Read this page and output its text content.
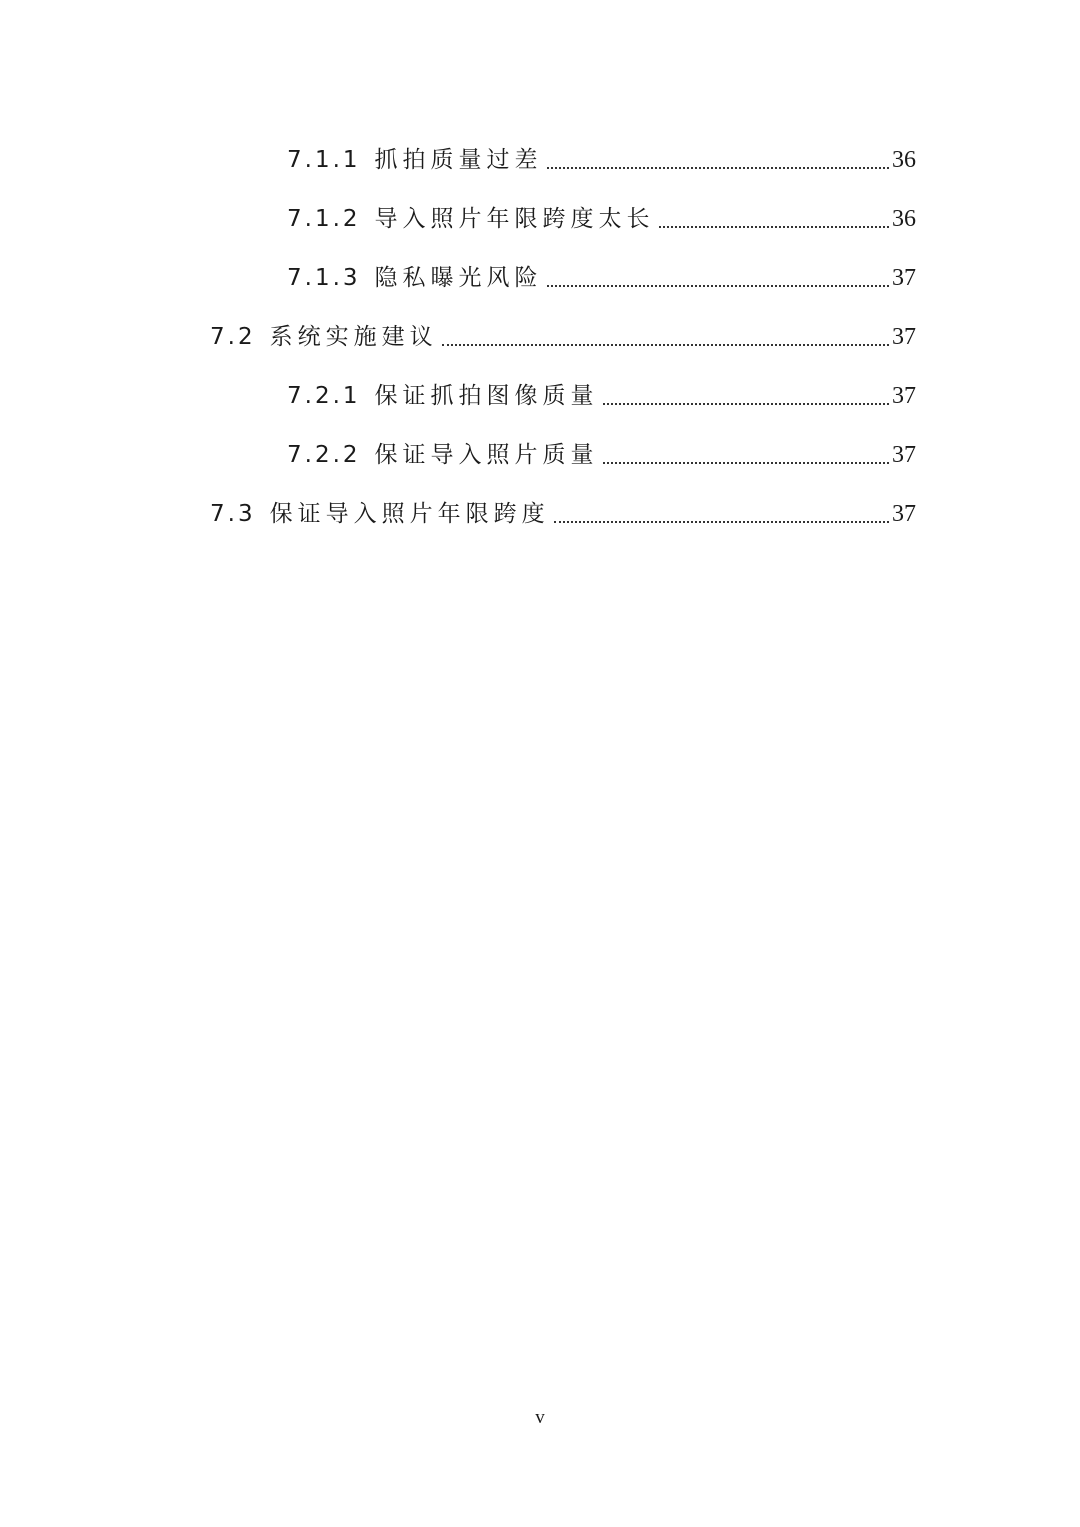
7.1.1 抓拍质量过差	36
7.1.2 导入照片年限跨度太长	36
7.1.3 隐私曝光风险	37
7.2 系统实施建议	37
7.2.1 保证抓拍图像质量	37
7.2.2 保证导入照片质量	37
7.3 保证导入照片年限跨度	37
v
